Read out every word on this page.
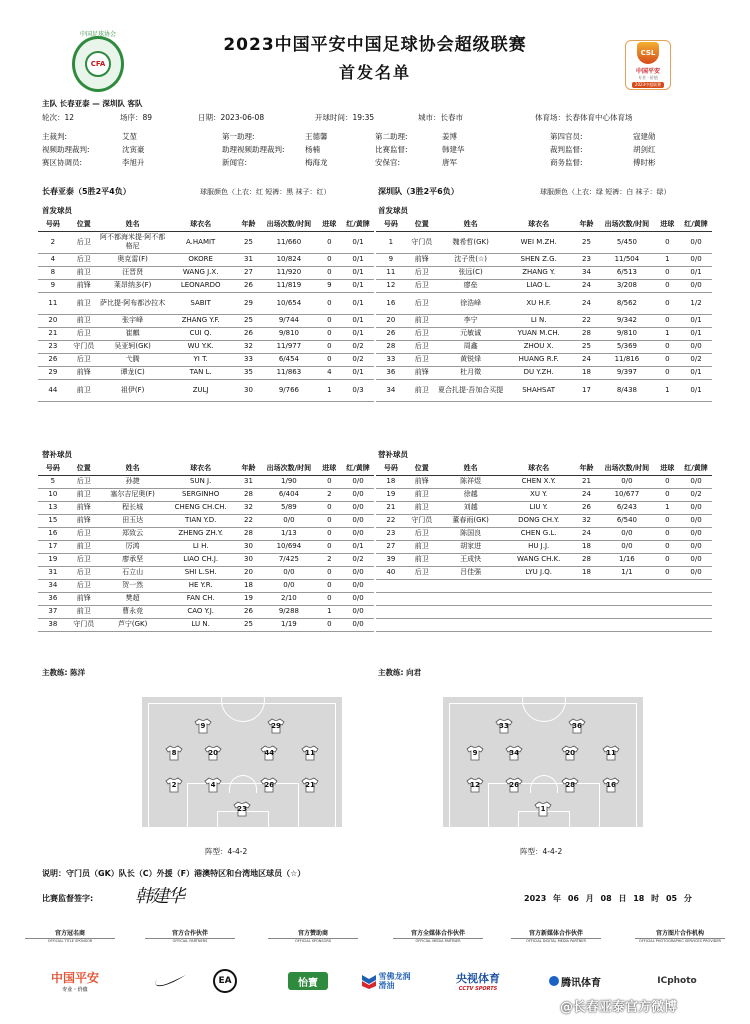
中国足球协会
CFA
2023中国平安中国足球协会超级联赛
首发名单
CSL
中国平安
专业 · 价值
2023中超联赛
主队 长春亚泰 — 深圳队 客队
轮次：12	场序：89	日期：2023-06-08	开球时间：19:35	城市：长春市	体育场：长春体育中心体育场
主裁判:	艾堃	第一助理:	王德馨	第二助理:	姜博	第四官员:	寇建勋
视频助理裁判:	沈寅豪	助理视频助理裁判:	杨楠	比赛监督:	韩建华	裁判监督:	胡剑红
赛区协调员:	李旭升	新闻官:	梅海龙	安保官:	唐军	商务监督:	傅时彬
长春亚泰（5胜2平4负）	球服颜色（上衣：红 短裤：黑 袜子：红）	深圳队（3胜2平6负）	球服颜色（上衣：绿 短裤：白 袜子：绿）
首发球员	首发球员
号码	位置	姓名	球衣名	年龄	出场次数/时间	进球	红/黄牌
2	后卫	阿不都海米提·阿不都格尼	A.HAMIT	25	11/660	0	0/1
4	后卫	奥克雷(F)	OKORE	31	10/824	0	0/1
8	前卫	汪晋贤	WANG J.X.	27	11/920	0	0/1
9	前锋	莱昂纳多(F)	LEONARDO	26	11/819	9	0/1
11	前卫	萨比提·阿布都沙拉木	SABIT	29	10/654	0	0/1
20	前卫	张宇峰	ZHANG Y.F.	25	9/744	0	0/1
21	后卫	崔麒	CUI Q.	26	9/810	0	0/1
23	守门员	吴亚轲(GK)	WU Y.K.	32	11/977	0	0/2
26	后卫	弋腾	YI T.	33	6/454	0	0/2
29	前锋	谭龙(C)	TAN L.	35	11/863	4	0/1
44	前卫	祖伊(F)	ZULJ	30	9/766	1	0/3
号码	位置	姓名	球衣名	年龄	出场次数/时间	进球	红/黄牌
1	守门员	魏希哲(GK)	WEI M.ZH.	25	5/450	0	0/0
9	前锋	沈子贵(☆)	SHEN Z.G.	23	11/504	1	0/0
11	后卫	张远(C)	ZHANG Y.	34	6/513	0	0/1
12	后卫	廖垒	LIAO L.	24	3/208	0	0/0
16	后卫	徐浩峰	XU H.F.	24	8/562	0	1/2
20	前卫	李宁	LI N.	22	9/342	0	0/1
26	后卫	元敏诚	YUAN M.CH.	28	9/810	1	0/1
28	后卫	周鑫	ZHOU X.	25	5/369	0	0/0
33	后卫	黄锐烽	HUANG R.F.	24	11/816	0	0/2
36	前锋	杜月徵	DU Y.ZH.	18	9/397	0	0/1
34	前卫	夏合扎提·吾加合买提	SHAHSAT	17	8/438	1	0/1
替补球员	替补球员
号码	位置	姓名	球衣名	年龄	出场次数/时间	进球	红/黄牌
5	后卫	孙捷	SUN J.	31	1/90	0	0/0
10	前卫	塞尔吉尼奥(F)	SERGINHO	28	6/404	2	0/0
13	前锋	程长城	CHENG CH.CH.	32	5/89	0	0/0
15	前锋	田玉达	TIAN Y.D.	22	0/0	0	0/0
16	后卫	郑致云	ZHENG ZH.Y.	28	1/13	0	0/0
17	前卫	厉鸿	LI H.	30	10/694	0	0/1
19	后卫	廖承坚	LIAO CH.J.	30	7/425	2	0/2
31	后卫	石立山	SHI L.SH.	20	0/0	0	0/0
34	后卫	贺一然	HE Y.R.	18	0/0	0	0/0
36	前锋	樊超	FAN CH.	19	2/10	0	0/0
37	前卫	曹永竞	CAO Y.J.	26	9/288	1	0/0
38	守门员	芦宁(GK)	LU N.	25	1/19	0	0/0
号码	位置	姓名	球衣名	年龄	出场次数/时间	进球	红/黄牌
18	前锋	陈祥煜	CHEN X.Y.	21	0/0	0	0/0
19	前卫	徐越	XU Y.	24	10/677	0	0/2
21	前卫	刘越	LIU Y.	26	6/243	1	0/0
22	守门员	董春雨(GK)	DONG CH.Y.	32	6/540	0	0/0
23	后卫	陈国良	CHEN G.L.	24	0/0	0	0/0
27	前卫	胡家进	HU J.J.	18	0/0	0	0/0
39	前卫	王成快	WANG CH.K.	28	1/16	0	0/0
40	后卫	吕佳强	LYU J.Q.	18	1/1	0	0/0

主教练: 陈洋	主教练: 向君
9	29
8	20	44	11
2	4	26	21
23
阵型：4-4-2
33	36
9	34	20	11
12	26	28	16
1
阵型：4-4-2
说明：守门员（GK）队长（C）外援（F）港澳特区和台湾地区球员（☆）
比赛监督签字: 韩建华	2023 年 06 月 08 日 18 时 05 分
官方冠名商
OFFICIAL TITLE SPONSOR
官方合作伙伴
OFFICIAL PARTNERS
官方赞助商
OFFICIAL SPONSORS
官方全媒体合作伙伴
OFFICIAL MEDIA PARTNER
官方新媒体合作伙伴
OFFICIAL DIGITAL MEDIA PARTNER
官方图片合作机构
OFFICIAL PHOTOGRAPHIC SERVICES PROVIDER
中国平安
专业 · 价值
EA	怡寶
雪佛龙润滑油
央视体育
CCTV SPORTS
腾讯体育	ICphoto
@长春亚泰官方微博
